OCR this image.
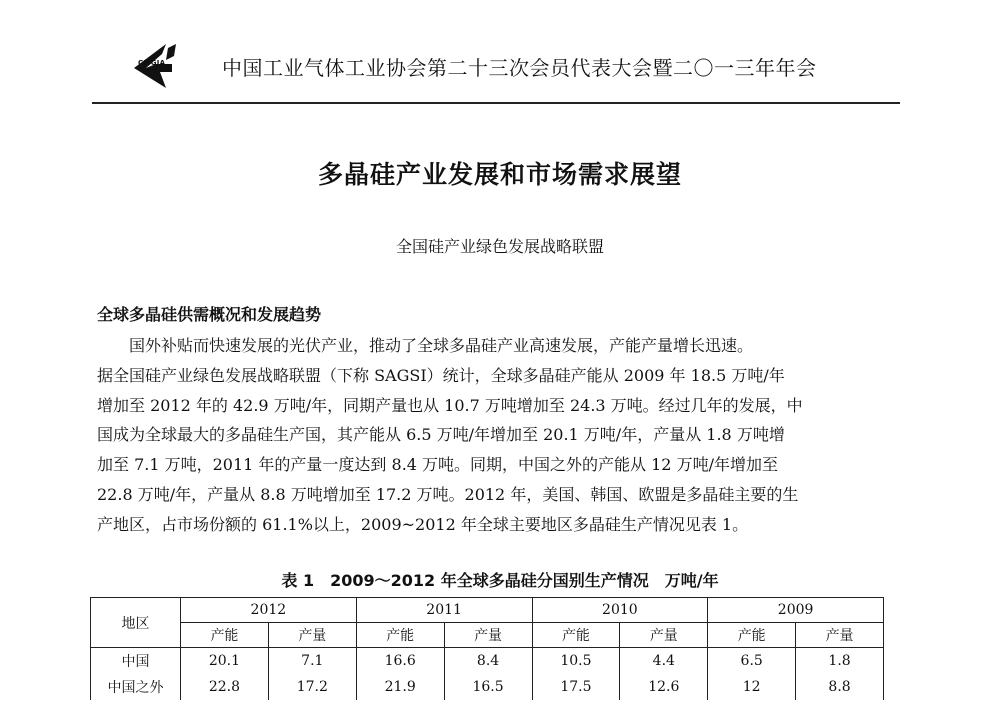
CMGIA	中国工业气体工业协会第二十三次会员代表大会暨二〇一三年年会
多晶硅产业发展和市场需求展望
全国硅产业绿色发展战略联盟
全球多晶硅供需概况和发展趋势
　　国外补贴而快速发展的光伏产业，推动了全球多晶硅产业高速发展，产能产量增长迅速。
据全国硅产业绿色发展战略联盟（下称 SAGSI）统计，全球多晶硅产能从 2009 年 18.5 万吨/年
增加至 2012 年的 42.9 万吨/年，同期产量也从 10.7 万吨增加至 24.3 万吨。经过几年的发展，中
国成为全球最大的多晶硅生产国，其产能从 6.5 万吨/年增加至 20.1 万吨/年，产量从 1.8 万吨增
加至 7.1 万吨，2011 年的产量一度达到 8.4 万吨。同期，中国之外的产能从 12 万吨/年增加至
22.8 万吨/年，产量从 8.8 万吨增加至 17.2 万吨。2012 年，美国、韩国、欧盟是多晶硅主要的生
产地区，占市场份额的 61.1%以上，2009~2012 年全球主要地区多晶硅生产情况见表 1。
表 1　2009～2012 年全球多晶硅分国别生产情况　万吨/年
地区	2012		2011		2010		2009	
	产能	产量	产能	产量	产能	产量	产能	产量
中国	20.1	7.1	16.6	8.4	10.5	4.4	6.5	1.8
中国之外	22.8	17.2	21.9	16.5	17.5	12.6	12	8.8
